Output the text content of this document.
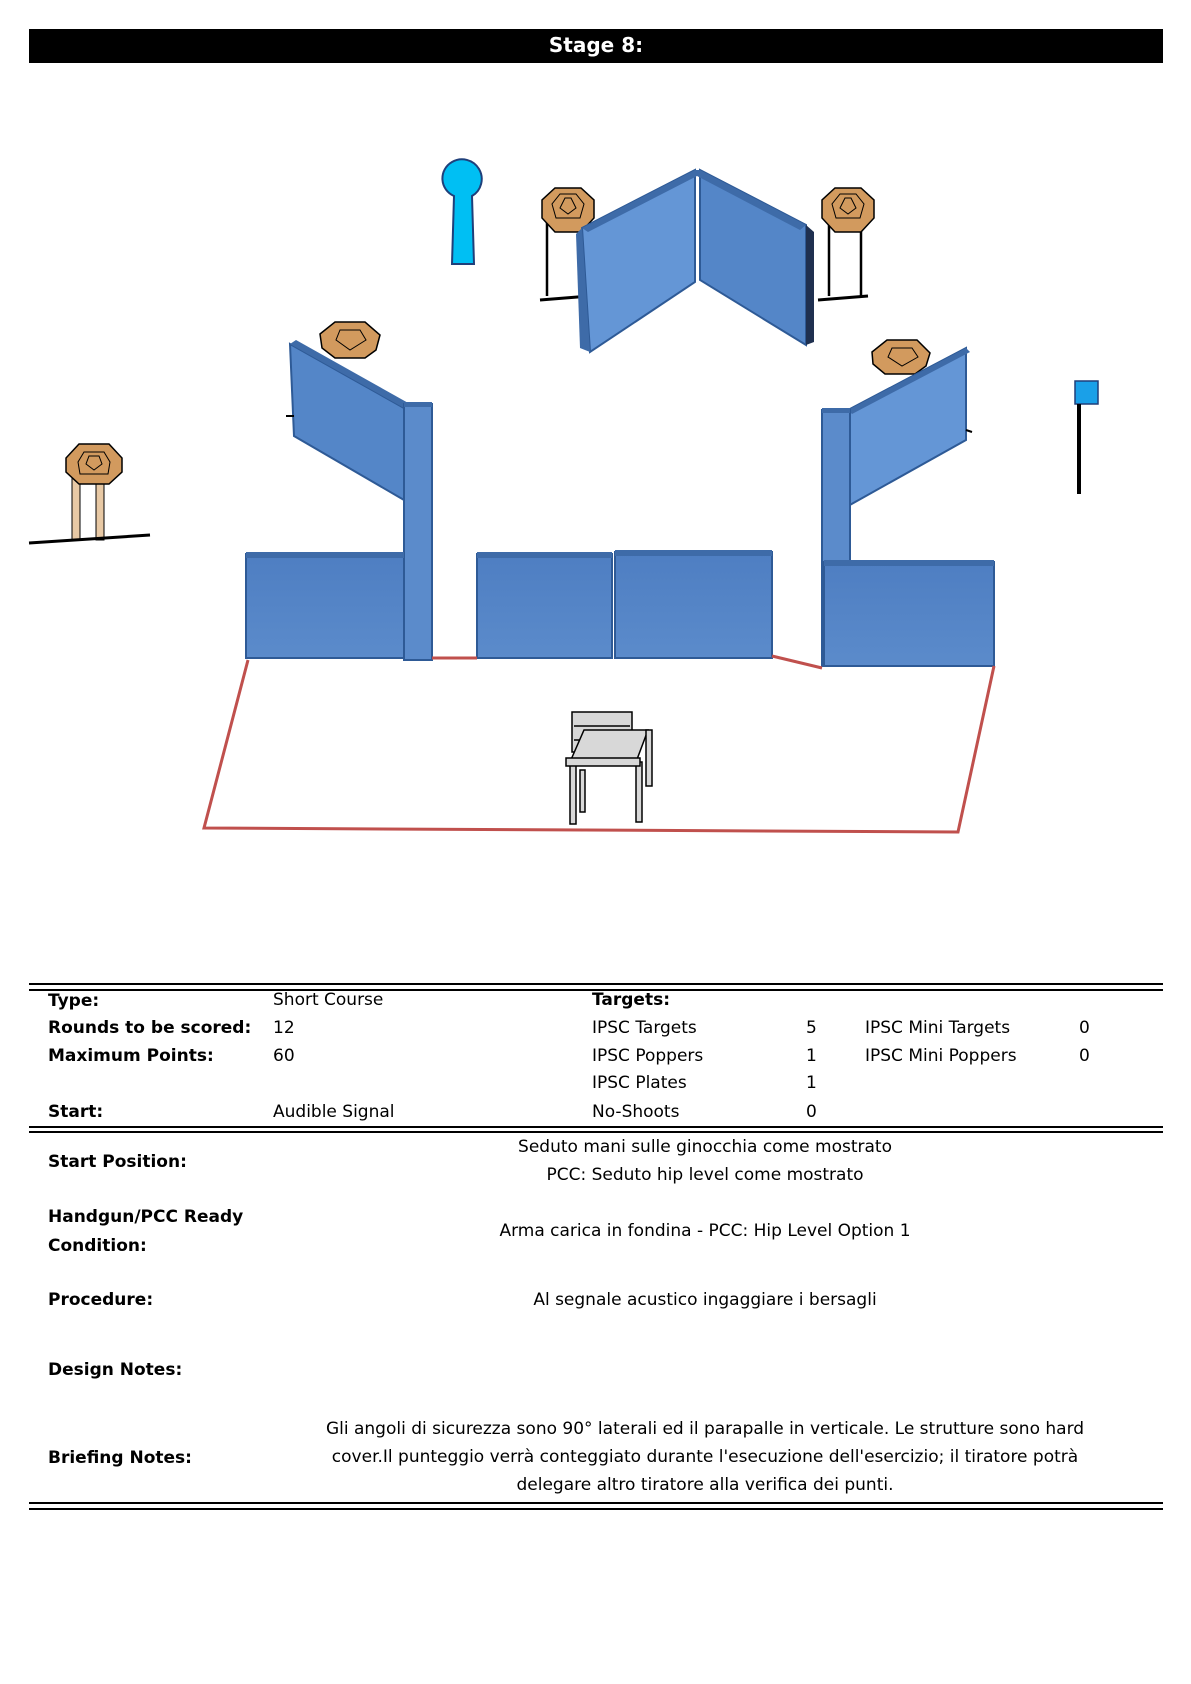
Stage 8:
Type:	Short Course	Targets:
Rounds to be scored: 12	IPSC Targets	5	IPSC Mini Targets	0
Maximum Points:	60	IPSC Poppers	1	IPSC Mini Poppers	0
IPSC Plates	1
Start:	Audible Signal	No-Shoots	0
Start Position:
Seduto mani sulle ginocchia come mostrato
PCC: Seduto hip level come mostrato
Handgun/PCC Ready
Condition:
Arma carica in fondina - PCC: Hip Level Option 1
Procedure:	Al segnale acustico ingaggiare i bersagli
Design Notes:
Briefing Notes:
Gli angoli di sicurezza sono 90° laterali ed il parapalle in verticale. Le strutture sono hard
cover.Il punteggio verrà conteggiato durante l'esecuzione dell'esercizio; il tiratore potrà
delegare altro tiratore alla verifica dei punti.
